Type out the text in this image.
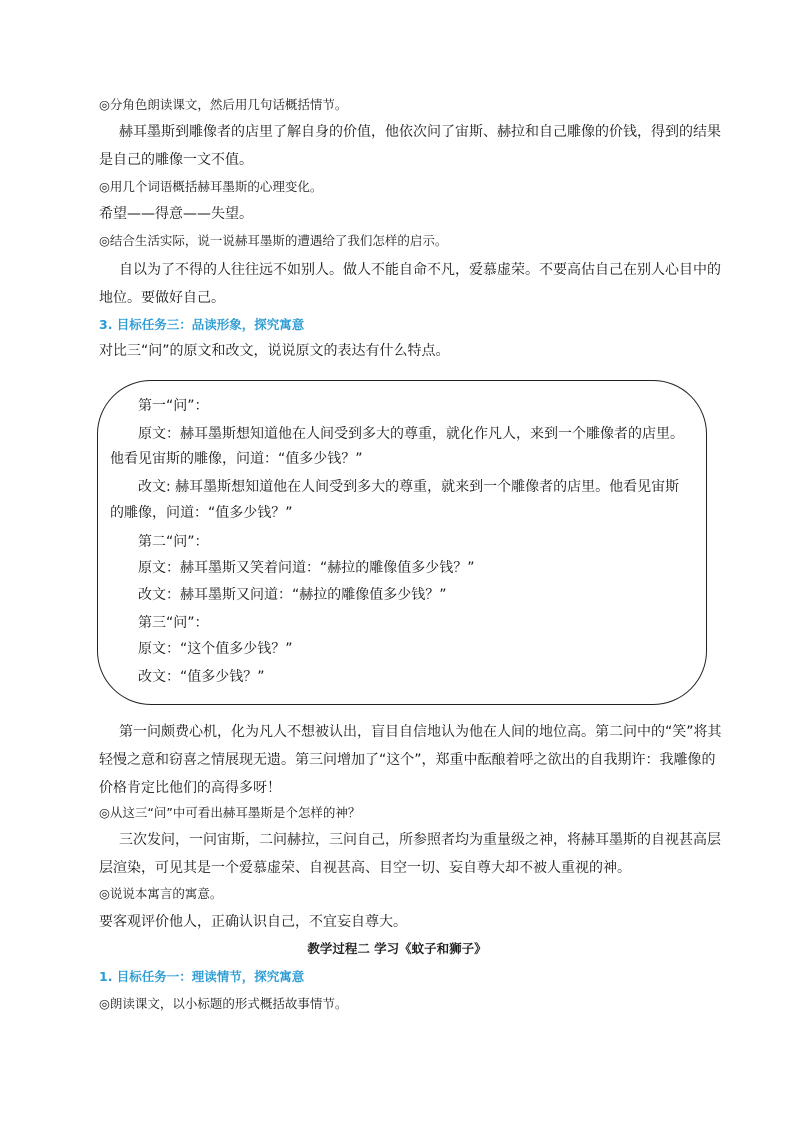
◎分角色朗读课文，然后用几句话概括情节。
赫耳墨斯到雕像者的店里了解自身的价值，他依次问了宙斯、赫拉和自己雕像的价钱，得到的结果是自己的雕像一文不值。
◎用几个词语概括赫耳墨斯的心理变化。
希望——得意——失望。
◎结合生活实际，说一说赫耳墨斯的遭遇给了我们怎样的启示。
自以为了不得的人往往远不如别人。做人不能自命不凡，爱慕虚荣。不要高估自己在别人心目中的地位。要做好自己。
3. 目标任务三：品读形象，探究寓意
对比三“问”的原文和改文，说说原文的表达有什么特点。
第一“问”：
原文：赫耳墨斯想知道他在人间受到多大的尊重，就化作凡人，来到一个雕像者的店里。
他看见宙斯的雕像，问道：“值多少钱？”
改文: 赫耳墨斯想知道他在人间受到多大的尊重，就来到一个雕像者的店里。他看见宙斯
的雕像，问道：“值多少钱？”
第二“问”：
原文：赫耳墨斯又笑着问道：“赫拉的雕像值多少钱？”
改文：赫耳墨斯又问道：“赫拉的雕像值多少钱？”
第三“问”：
原文：“这个值多少钱？”
改文：“值多少钱？”
第一问颇费心机，化为凡人不想被认出，盲目自信地认为他在人间的地位高。第二问中的“笑”将其轻慢之意和窃喜之情展现无遗。第三问增加了“这个”，郑重中酝酿着呼之欲出的自我期许：我雕像的价格肯定比他们的高得多呀！
◎从这三“问”中可看出赫耳墨斯是个怎样的神？
三次发问，一问宙斯，二问赫拉，三问自己，所参照者均为重量级之神，将赫耳墨斯的自视甚高层层渲染，可见其是一个爱慕虚荣、自视甚高、目空一切、妄自尊大却不被人重视的神。
◎说说本寓言的寓意。
要客观评价他人，正确认识自己，不宜妄自尊大。
教学过程二 学习《蚊子和狮子》
1. 目标任务一：理读情节，探究寓意
◎朗读课文，以小标题的形式概括故事情节。
